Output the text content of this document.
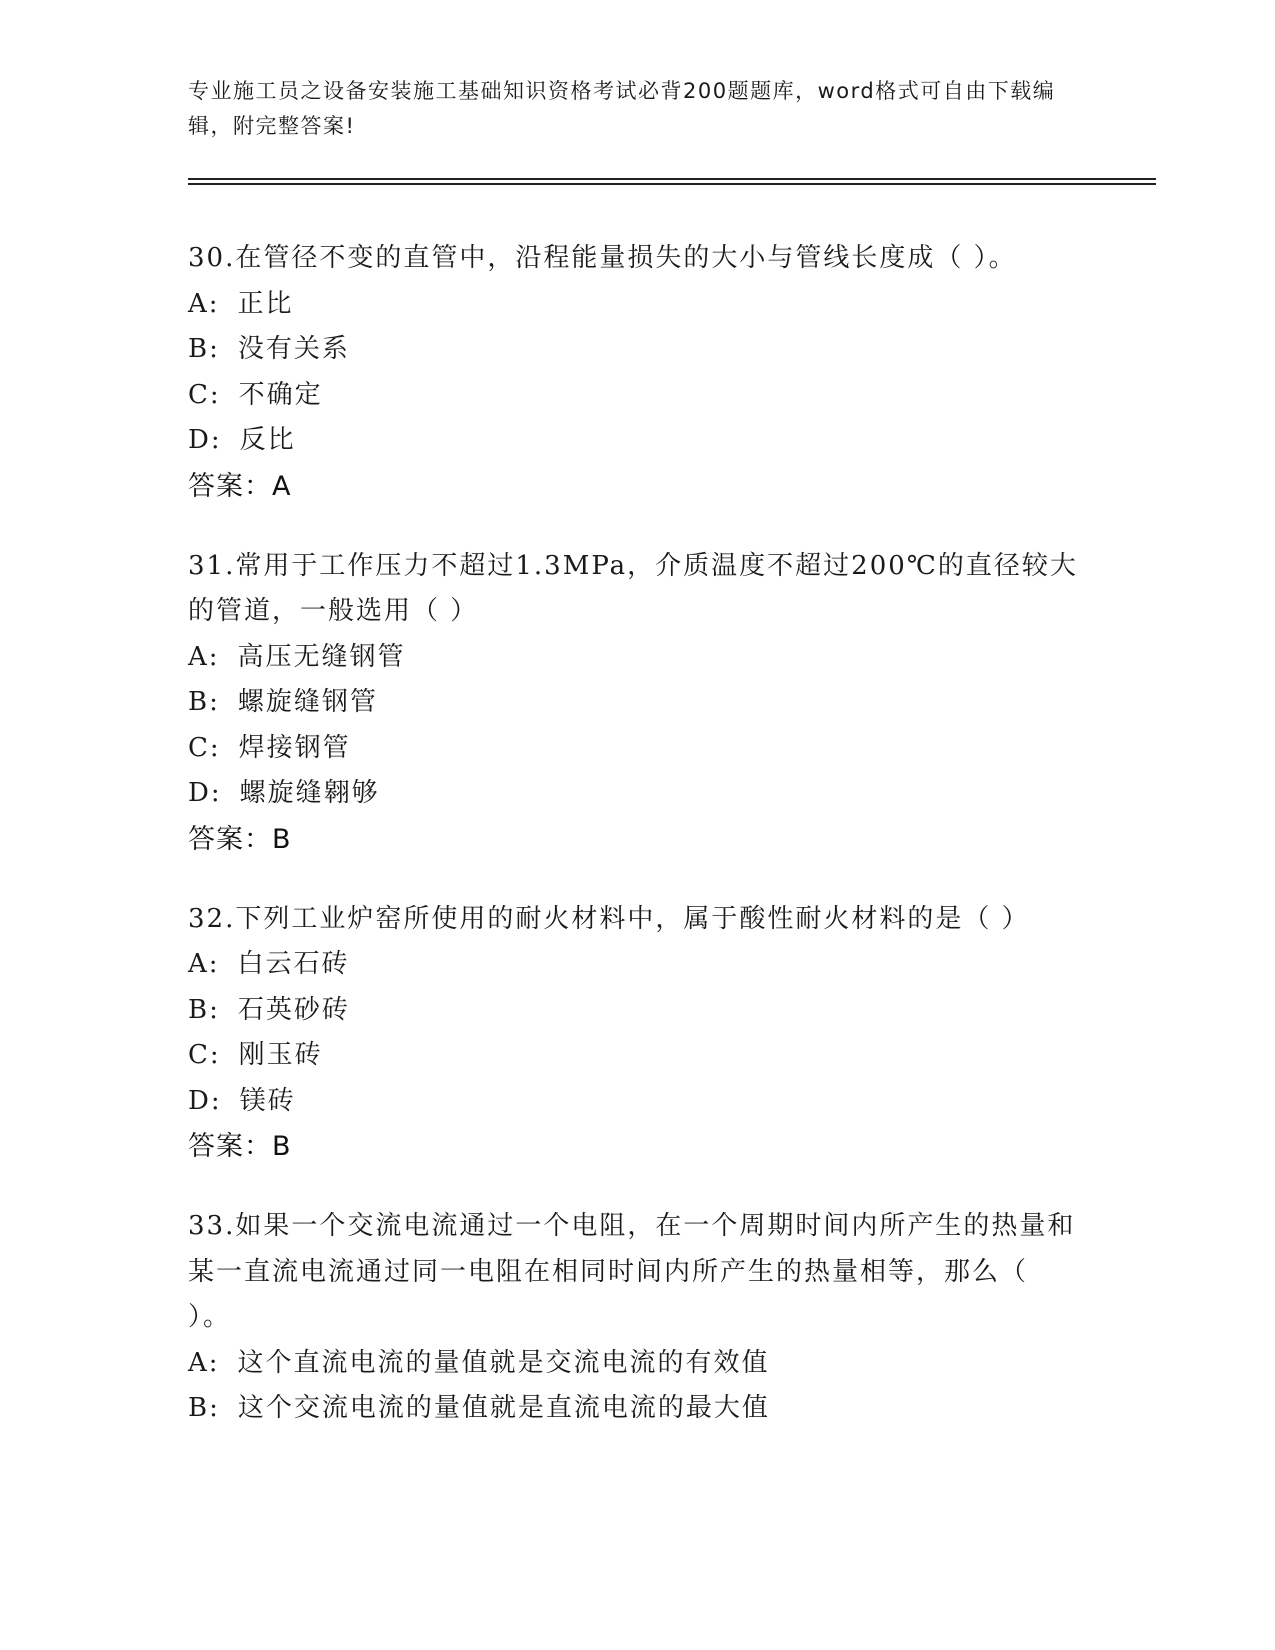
专业施工员之设备安装施工基础知识资格考试必背200题题库，word格式可自由下载编辑，附完整答案!

30.在管径不变的直管中，沿程能量损失的大小与管线长度成（ ）。

A: 正比

B: 没有关系

C: 不确定

D: 反比

答案：A

31.常用于工作压力不超过1.3MPa，介质温度不超过200℃的直径较大的管道，一般选用（ ）

A: 高压无缝钢管

B: 螺旋缝钢管

C: 焊接钢管

D: 螺旋缝翱够

答案：B

32.下列工业炉窑所使用的耐火材料中，属于酸性耐火材料的是（ ）

A: 白云石砖

B: 石英砂砖

C: 刚玉砖

D: 镁砖

答案：B

33.如果一个交流电流通过一个电阻，在一个周期时间内所产生的热量和某一直流电流通过同一电阻在相同时间内所产生的热量相等，那么（ ）。

A: 这个直流电流的量值就是交流电流的有效值

B: 这个交流电流的量值就是直流电流的最大值
